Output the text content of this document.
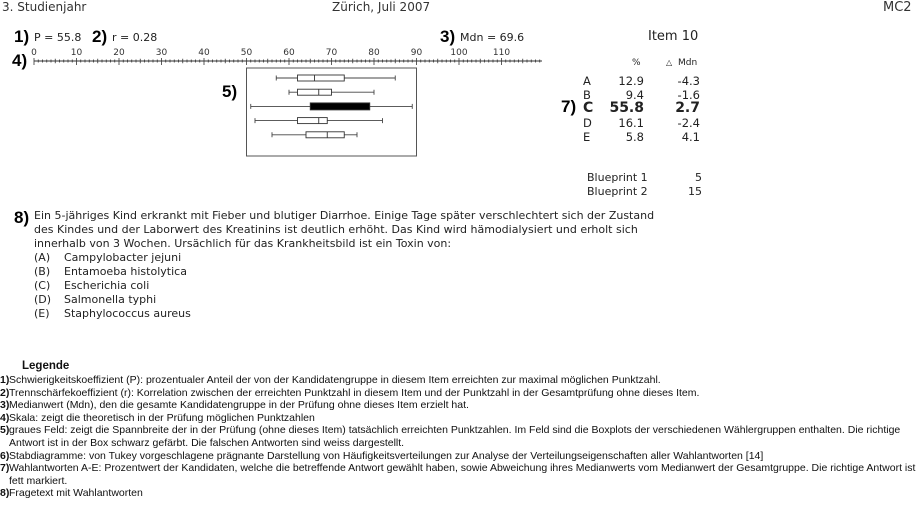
3. Studienjahr	Zürich, Juli 2007	MC2
1) P = 55.8 2) r = 0.28	3) Mdn = 69.6	Item 10
4)
5)
0	10	20	30	40	50	60	70	80	90	100	110
7)
%	△ Mdn
A	12.9	-4.3
B	9.4	-1.6
C	55.8	2.7
D	16.1	-2.4
E	5.8	4.1
Blueprint 1	5
Blueprint 2	15
8) Ein 5-jähriges Kind erkrankt mit Fieber und blutiger Diarrhoe. Einige Tage später verschlechtert sich der Zustand des Kindes und der Laborwert des Kreatinins ist deutlich erhöht. Das Kind wird hämodialysiert und erholt sich innerhalb von 3 Wochen. Ursächlich für das Krankheitsbild ist ein Toxin von:
(A) Campylobacter jejuni
(B) Entamoeba histolytica
(C) Escherichia coli
(D) Salmonella typhi
(E) Staphylococcus aureus
Legende
1) Schwierigkeitskoeffizient (P): prozentualer Anteil der von der Kandidatengruppe in diesem Item erreichten zur maximal möglichen Punktzahl.
2) Trennschärfekoeffizient (r): Korrelation zwischen der erreichten Punktzahl in diesem Item und der Punktzahl in der Gesamtprüfung ohne dieses Item.
3) Medianwert (Mdn), den die gesamte Kandidatengruppe in der Prüfung ohne dieses Item erzielt hat.
4) Skala: zeigt die theoretisch in der Prüfung möglichen Punktzahlen
5) graues Feld: zeigt die Spannbreite der in der Prüfung (ohne dieses Item) tatsächlich erreichten Punktzahlen. Im Feld sind die Boxplots der verschiedenen Wählergruppen enthalten. Die richtige Antwort ist in der Box schwarz gefärbt. Die falschen Antworten sind weiss dargestellt.
6) Stabdiagramme: von Tukey vorgeschlagene prägnante Darstellung von Häufigkeitsverteilungen zur Analyse der Verteilungseigenschaften aller Wahlantworten [14]
7) Wahlantworten A-E: Prozentwert der Kandidaten, welche die betreffende Antwort gewählt haben, sowie Abweichung ihres Medianwerts vom Medianwert der Gesamtgruppe. Die richtige Antwort ist fett markiert.
8) Fragetext mit Wahlantworten
